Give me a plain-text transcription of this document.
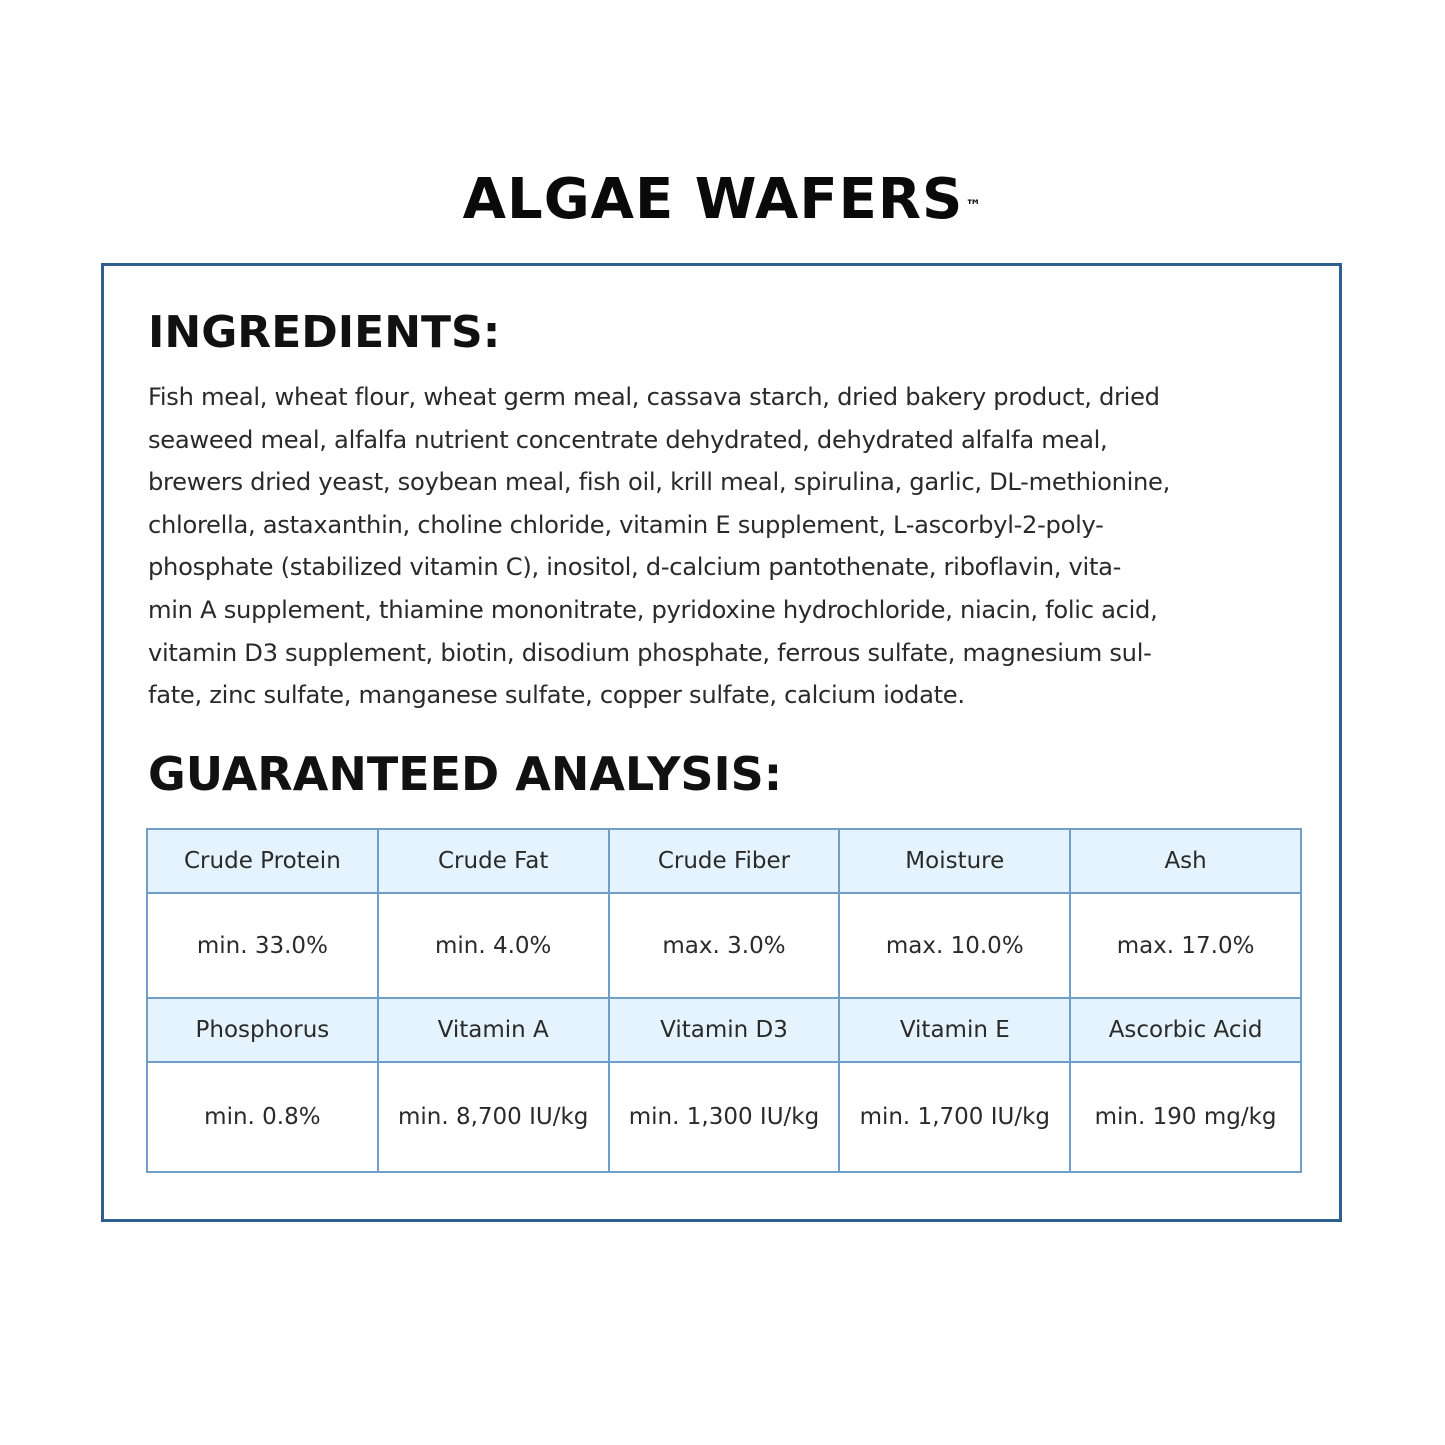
ALGAE WAFERS ™
INGREDIENTS:

Fish meal, wheat flour, wheat germ meal, cassava starch, dried bakery product, dried
seaweed meal, alfalfa nutrient concentrate dehydrated, dehydrated alfalfa meal,
brewers dried yeast, soybean meal, fish oil, krill meal, spirulina, garlic, DL-methionine,
chlorella, astaxanthin, choline chloride, vitamin E supplement, L-ascorbyl-2-poly-
phosphate (stabilized vitamin C), inositol, d-calcium pantothenate, riboflavin, vita-
min A supplement, thiamine mononitrate, pyridoxine hydrochloride, niacin, folic acid,
vitamin D3 supplement, biotin, disodium phosphate, ferrous sulfate, magnesium sul-
fate, zinc sulfate, manganese sulfate, copper sulfate, calcium iodate.

GUARANTEED ANALYSIS:
Crude Protein	Crude Fat	Crude Fiber	Moisture	Ash
min. 33.0%	min. 4.0%	max. 3.0%	max. 10.0%	max. 17.0%
Phosphorus	Vitamin A	Vitamin D3	Vitamin E	Ascorbic Acid
min. 0.8%	min. 8,700 IU/kg	min. 1,300 IU/kg	min. 1,700 IU/kg	min. 190 mg/kg
